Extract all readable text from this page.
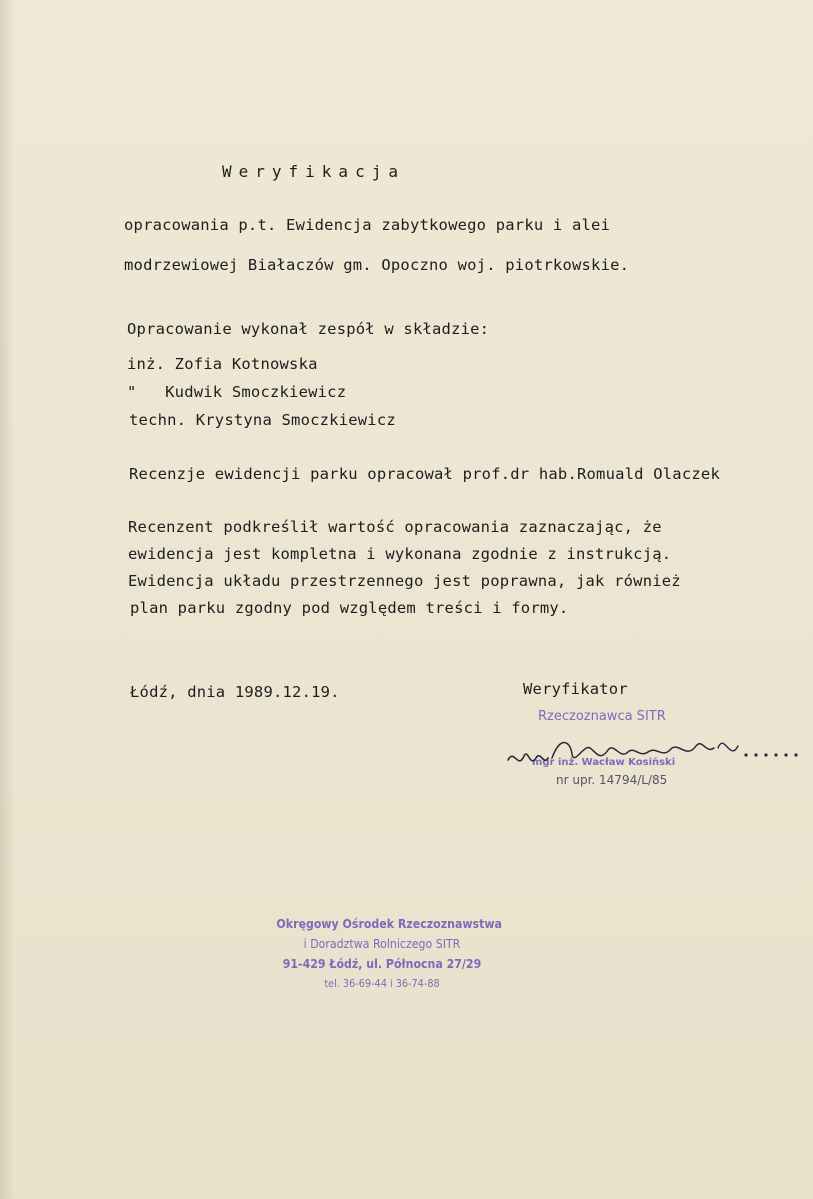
Weryfikacja
opracowania p.t. Ewidencja zabytkowego parku i alei
modrzewiowej Białaczów gm. Opoczno woj. piotrkowskie.
Opracowanie wykonał zespół w składzie:
inż. Zofia Kotnowska
"   Kudwik Smoczkiewicz
techn. Krystyna Smoczkiewicz
Recenzje ewidencji parku opracował prof.dr hab.Romuald Olaczek
Recenzent podkreślił wartość opracowania zaznaczając, że
ewidencja jest kompletna i wykonana zgodnie z instrukcją.
Ewidencja układu przestrzennego jest poprawna, jak również
plan parku zgodny pod względem treści i formy.
Łódź, dnia 1989.12.19.	Weryfikator
Rzeczoznawca SITR
mgr inż. Wacław Kosiński
nr upr. 14794/L/85
Okręgowy Ośrodek Rzeczoznawstwa
i Doradztwa Rolniczego SITR
91-429 Łódź, ul. Północna 27/29
tel. 36-69-44 i 36-74-88
